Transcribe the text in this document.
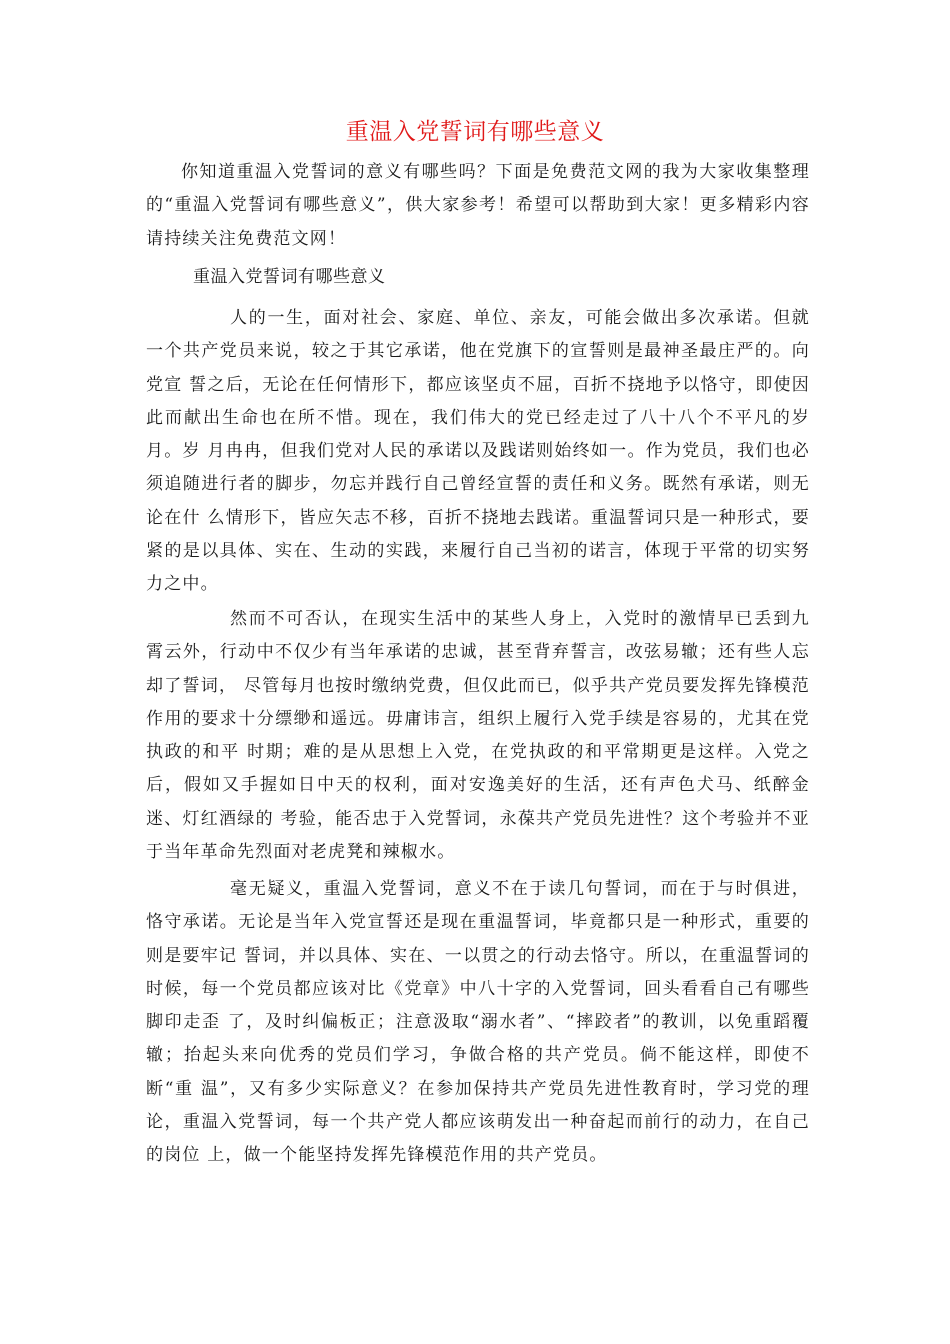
重温入党誓词有哪些意义

你知道重温入党誓词的意义有哪些吗？下面是免费范文网的我为大家收集整理的“重温入党誓词有哪些意义”，供大家参考！希望可以帮助到大家！更多精彩内容请持续关注免费范文网！

重温入党誓词有哪些意义

人的一生，面对社会、家庭、单位、亲友，可能会做出多次承诺。但就一个共产党员来说，较之于其它承诺，他在党旗下的宣誓则是最神圣最庄严的。向党宣 誓之后，无论在任何情形下，都应该坚贞不屈，百折不挠地予以恪守，即使因此而献出生命也在所不惜。现在，我们伟大的党已经走过了八十八个不平凡的岁月。岁 月冉冉，但我们党对人民的承诺以及践诺则始终如一。作为党员，我们也必须追随进行者的脚步，勿忘并践行自己曾经宣誓的责任和义务。既然有承诺，则无论在什 么情形下，皆应矢志不移，百折不挠地去践诺。重温誓词只是一种形式，要紧的是以具体、实在、生动的实践，来履行自己当初的诺言，体现于平常的切实努力之中。

然而不可否认，在现实生活中的某些人身上，入党时的激情早已丢到九霄云外，行动中不仅少有当年承诺的忠诚，甚至背弃誓言，改弦易辙；还有些人忘却了誓词， 尽管每月也按时缴纳党费，但仅此而已，似乎共产党员要发挥先锋模范作用的要求十分缥缈和遥远。毋庸讳言，组织上履行入党手续是容易的，尤其在党执政的和平 时期；难的是从思想上入党，在党执政的和平常期更是这样。入党之后，假如又手握如日中天的权利，面对安逸美好的生活，还有声色犬马、纸醉金迷、灯红酒绿的 考验，能否忠于入党誓词，永葆共产党员先进性？这个考验并不亚于当年革命先烈面对老虎凳和辣椒水。

毫无疑义，重温入党誓词，意义不在于读几句誓词，而在于与时俱进，恪守承诺。无论是当年入党宣誓还是现在重温誓词，毕竟都只是一种形式，重要的则是要牢记 誓词，并以具体、实在、一以贯之的行动去恪守。所以，在重温誓词的时候，每一个党员都应该对比《党章》中八十字的入党誓词，回头看看自己有哪些脚印走歪 了，及时纠偏板正；注意汲取“溺水者”、“摔跤者”的教训，以免重蹈覆辙；抬起头来向优秀的党员们学习，争做合格的共产党员。倘不能这样，即使不断“重 温”，又有多少实际意义？在参加保持共产党员先进性教育时，学习党的理论，重温入党誓词，每一个共产党人都应该萌发出一种奋起而前行的动力，在自己的岗位 上，做一个能坚持发挥先锋模范作用的共产党员。
